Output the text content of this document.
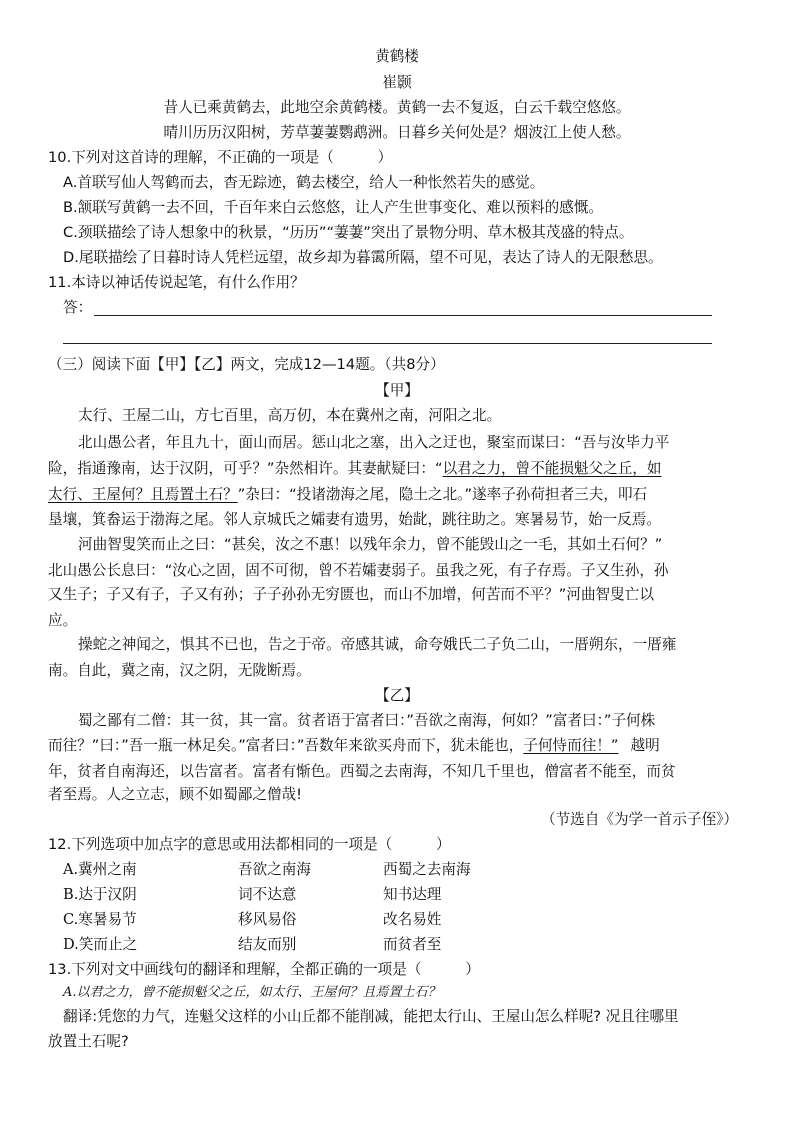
黄鹤楼
崔颢
昔人已乘黄鹤去，此地空余黄鹤楼。黄鹤一去不复返，白云千载空悠悠。
晴川历历汉阳树，芳草萋萋鹦鹉洲。日暮乡关何处是？烟波江上使人愁。
10.下列对这首诗的理解，不正确的一项是（　　　）
A.首联写仙人驾鹤而去，杳无踪迹，鹤去楼空，给人一种怅然若失的感觉。
B.颔联写黄鹤一去不回，千百年来白云悠悠，让人产生世事变化、难以预料的感慨。
C.颈联描绘了诗人想象中的秋景，“历历”“萋萋”突出了景物分明、草木极其茂盛的特点。
D.尾联描绘了日暮时诗人凭栏远望，故乡却为暮霭所隔，望不可见，表达了诗人的无限愁思。
11.本诗以神话传说起笔，有什么作用？
答：
（三）阅读下面【甲】【乙】两文，完成12—14题。（共8分）
【甲】
太行、王屋二山，方七百里，高万仞，本在冀州之南，河阳之北。
北山愚公者，年且九十，面山而居。惩山北之塞，出入之迂也，聚室而谋曰：“吾与汝毕力平
险，指通豫南，达于汉阴，可乎？”杂然相许。其妻献疑曰：“以君之力，曾不能损魁父之丘，如
太行、王屋何？且焉置土石？”杂曰：“投诸渤海之尾，隐土之北。”遂率子孙荷担者三夫，叩石
垦壤，箕畚运于渤海之尾。邻人京城氏之孀妻有遗男，始龀，跳往助之。寒暑易节，始一反焉。
河曲智叟笑而止之曰：“甚矣，汝之不惠！以残年余力，曾不能毁山之一毛，其如土石何？”
北山愚公长息曰：“汝心之固，固不可彻，曾不若孀妻弱子。虽我之死，有子存焉。子又生孙，孙
又生子；子又有子，子又有孙；子子孙孙无穷匮也，而山不加增，何苦而不平？”河曲智叟亡以
应。
操蛇之神闻之，惧其不已也，告之于帝。帝感其诚，命夸娥氏二子负二山，一厝朔东，一厝雍
南。自此，冀之南，汉之阴，无陇断焉。
【乙】
蜀之鄙有二僧：其一贫，其一富。贫者语于富者曰：”吾欲之南海，何如？”富者曰：”子何株
而往？”曰：”吾一瓶一林足矣。”富者曰：”吾数年来欲买舟而下，犹未能也，子何恃而往！” 越明
年，贫者自南海还，以告富者。富者有惭色。西蜀之去南海，不知几千里也，僧富者不能至，而贫
者至焉。人之立志，顾不如蜀鄙之僧哉!
（节选自《为学一首示子侄》）
12.下列选项中加点字的意思或用法都相同的一项是（　　　）
A.冀州之南	吾欲之南海	西蜀之去南海
B.达于汉阴	词不达意	知书达理
C.寒暑易节	移风易俗	改名易姓
D.笑而止之	结友而别	而贫者至
13.下列对文中画线句的翻译和理解，全都正确的一项是（　　　）
A.以君之力，曾不能损魁父之丘，如太行、王屋何？且焉置土石？
翻译:凭您的力气，连魁父这样的小山丘都不能削减，能把太行山、王屋山怎么样呢? 况且往哪里
放置土石呢?
